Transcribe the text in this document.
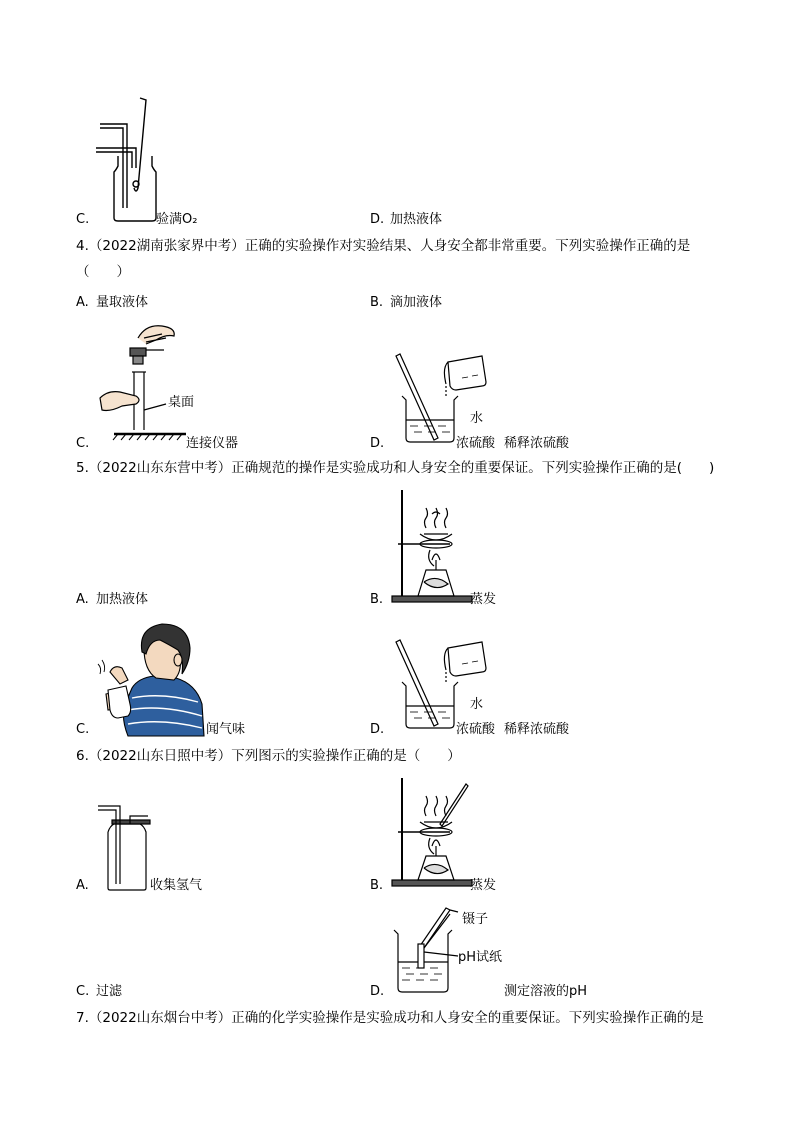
C.	验满O₂	D. 加热液体
4.（2022湖南张家界中考）正确的实验操作对实验结果、人身安全都非常重要。下列实验操作正确的是
（　　）
A. 量取液体	B. 滴加液体
桌面
C.	连接仪器
水
D.	浓硫酸 稀释浓硫酸
5.（2022山东东营中考）正确规范的操作是实验成功和人身安全的重要保证。下列实验操作正确的是(　　)
A. 加热液体	B.	蒸发
C.	闻气味
水
D.	浓硫酸 稀释浓硫酸
6.（2022山东日照中考）下列图示的实验操作正确的是（　　）
A.	收集氢气	B.	蒸发
镊子
pH试纸
C. 过滤	D.	测定溶液的pH
7.（2022山东烟台中考）正确的化学实验操作是实验成功和人身安全的重要保证。下列实验操作正确的是
